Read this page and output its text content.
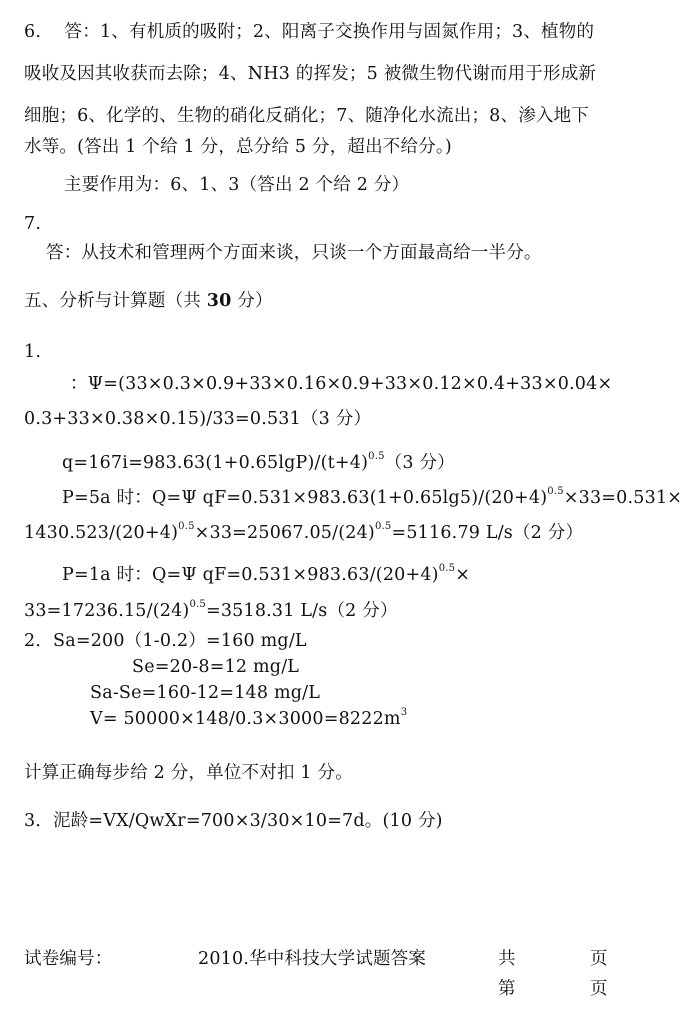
6.　 答：1、有机质的吸附；2、阳离子交换作用与固氮作用；3、植物的
吸收及因其收获而去除；4、NH3 的挥发；5 被微生物代谢而用于形成新
细胞；6、化学的、生物的硝化反硝化；7、随净化水流出；8、渗入地下
水等。(答出 1 个给 1 分，总分给 5 分，超出不给分。)
主要作用为：6、1、3（答出 2 个给 2 分）
7.
答：从技术和管理两个方面来谈，只谈一个方面最高给一半分。
五、分析与计算题（共 30 分）
1.
：Ψ=(33×0.3×0.9+33×0.16×0.9+33×0.12×0.4+33×0.04×
0.3+33×0.38×0.15)/33=0.531（3 分）
$q=167i=983.63(1+0.65\lg P)/(t+4)^{0.5}(3$ 分）
P=5a 时：Q=Ψ $qF=0.531\times 983.63(1+0.65\lg 5)/(20+4)^{0.5}\times 33=0.531\times$
$1430.523/(20+4)^{0.5}\times 33=25067.05/(24)^{0.5}=5116.79$ L/s（2 分）
P=1a 时：Q=Ψ $qF=0.531\times 983.63/(20+4)^{0.5}\times$
$33=17236.15/(24)^{0.5}=3518.31$ L/s（2 分）
2．Sa=200（1-0.2）=160 mg/L
Se=20-8=12 mg/L
Sa-Se=160-12=148 mg/L
$V= 50000\times 148/0.3\times 3000=8222m^3$
计算正确每步给 2 分，单位不对扣 1 分。
3．泥龄=VX/QwXr=700×3/30×10=7d。(10 分)
试卷编号：	2010.华中科技大学试题答案	共	页
第	页
